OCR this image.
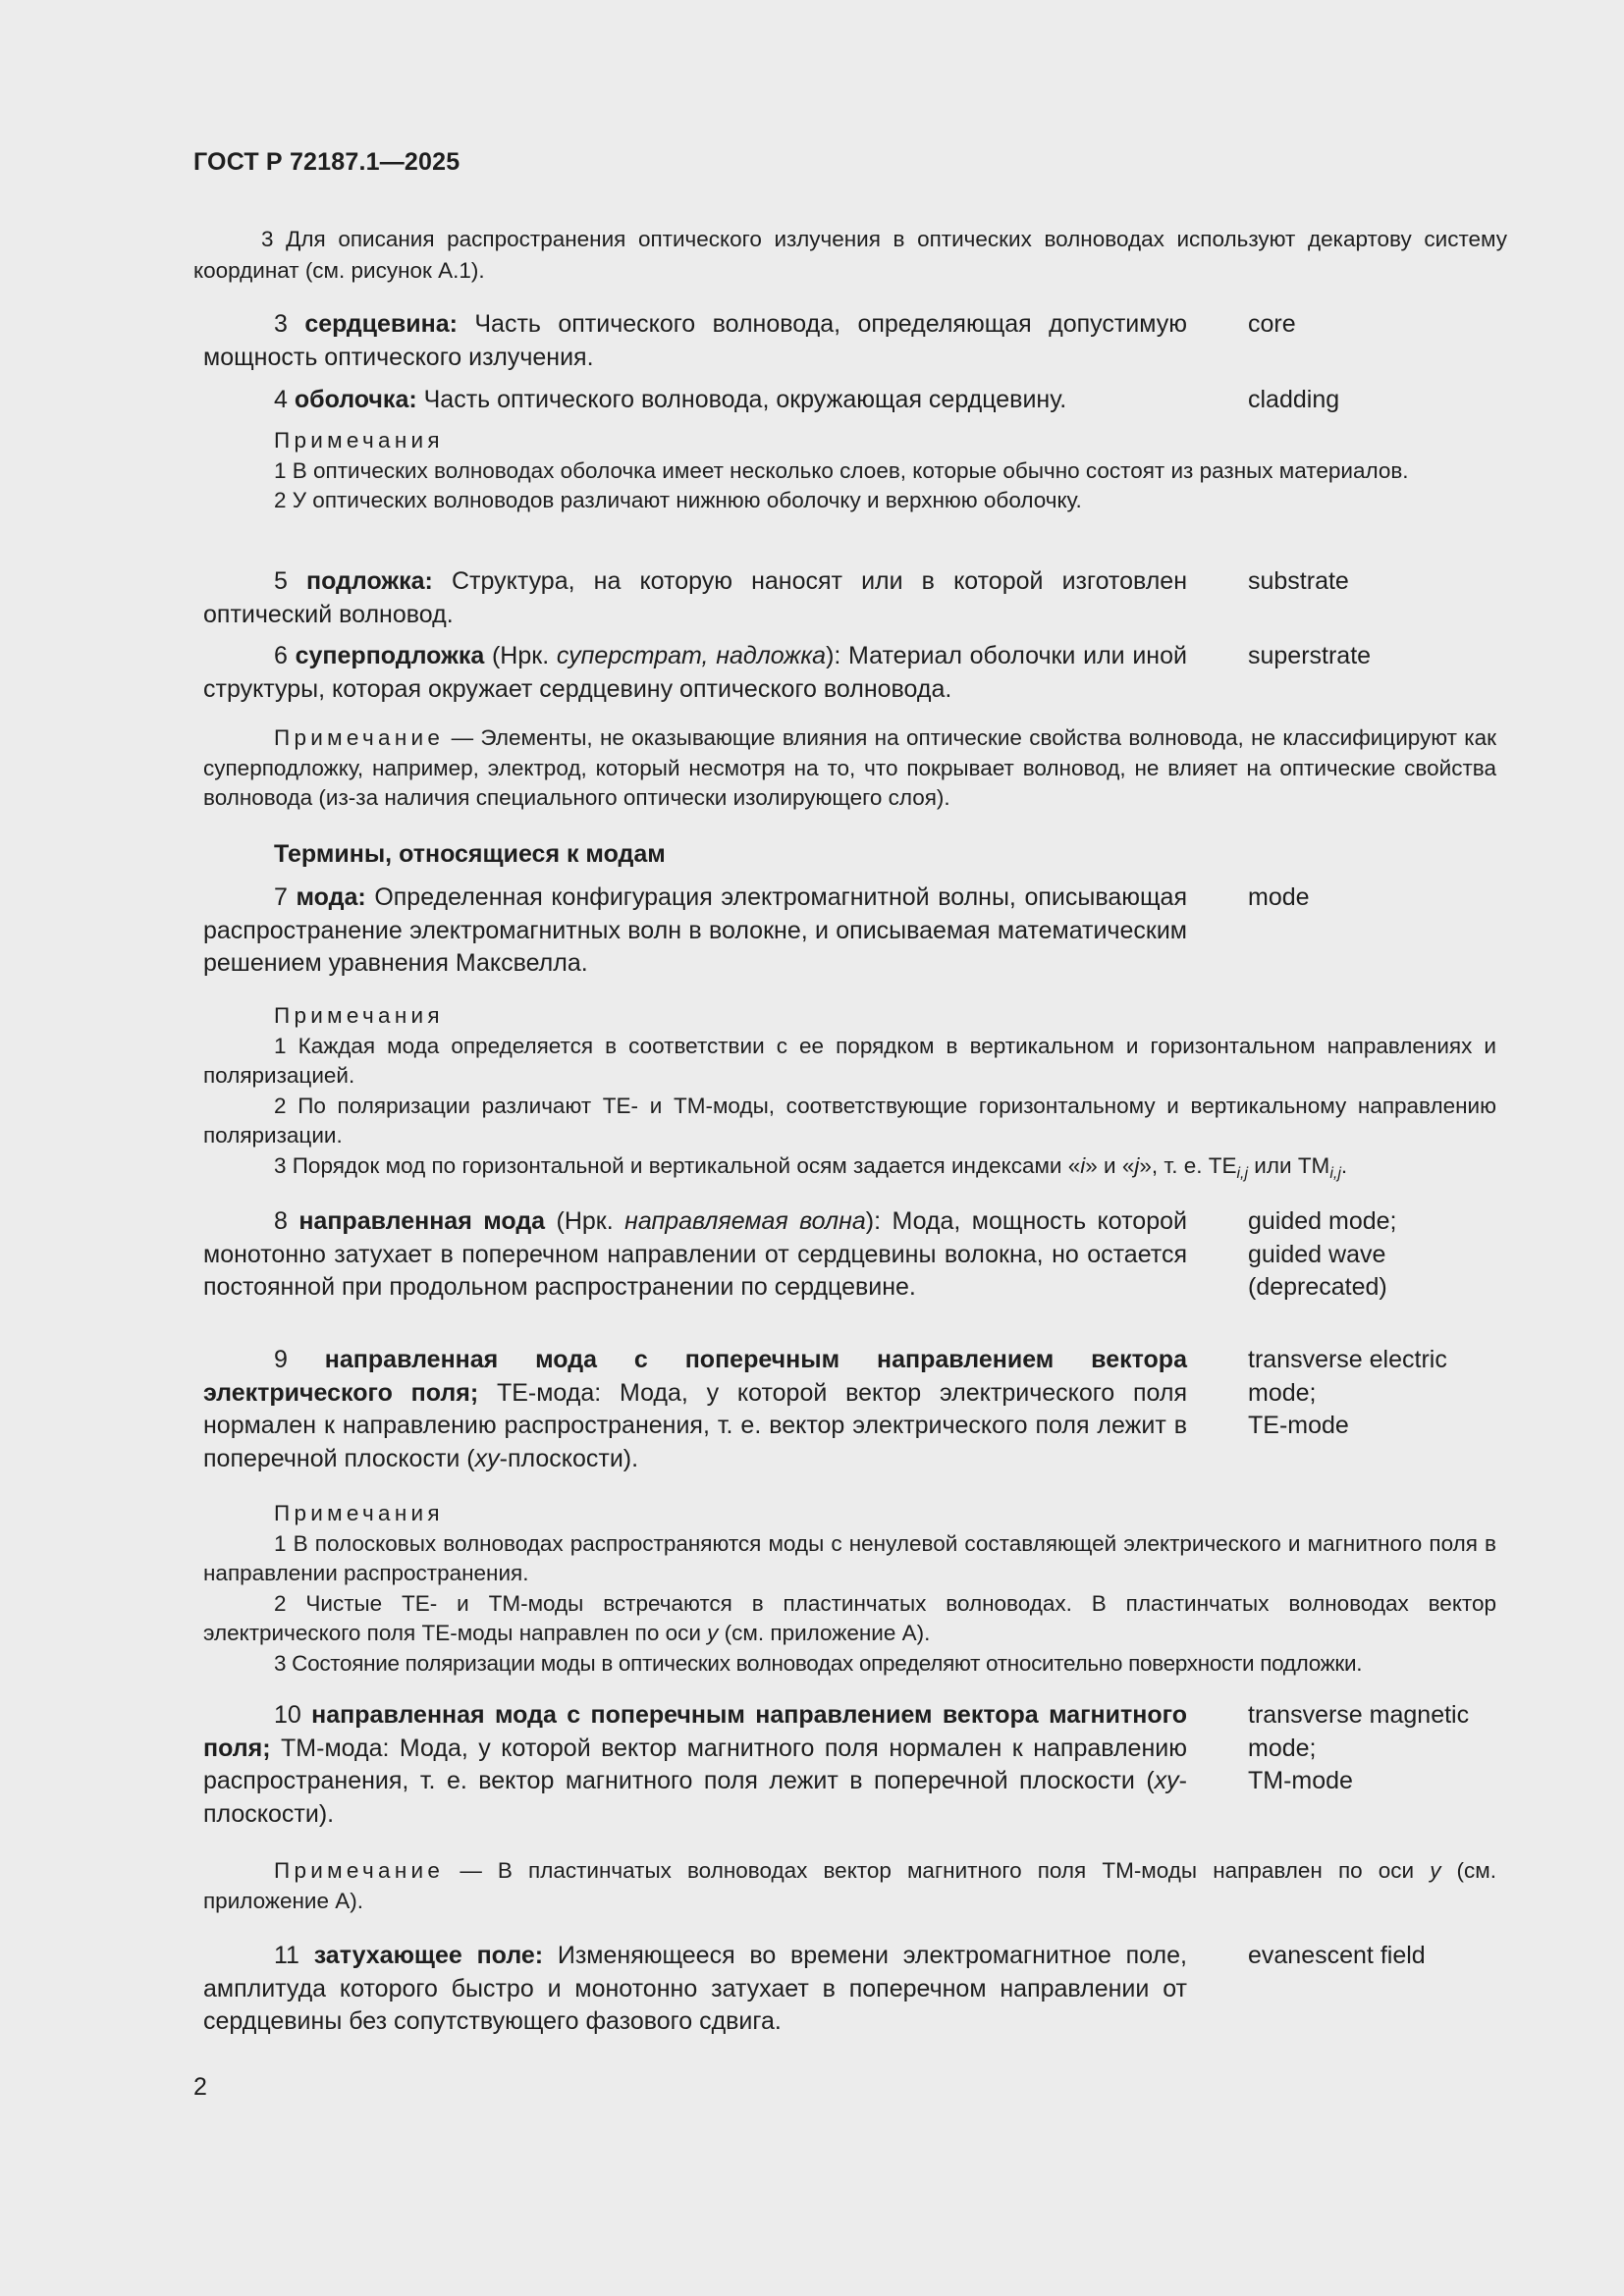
ГОСТ Р 72187.1—2025
3 Для описания распространения оптического излучения в оптических волноводах используют декартову систему координат (см. рисунок А.1).
3 сердцевина: Часть оптического волновода, определяющая допустимую мощность оптического излучения.
core
4 оболочка: Часть оптического волновода, окружающая сердцевину.	cladding

Примечания

1 В оптических волноводах оболочка имеет несколько слоев, которые обычно состоят из разных материалов.

2 У оптических волноводов различают нижнюю оболочку и верхнюю оболочку.

5 подложка: Структура, на которую наносят или в которой изготовлен оптический волновод.
substrate
6 суперподложка (Нрк. суперстрат, надложка): Материал оболочки или иной структуры, которая окружает сердцевину оптического волновода.
superstrate

Примечание — Элементы, не оказывающие влияния на оптические свойства волновода, не классифицируют как суперподложку, например, электрод, который несмотря на то, что покрывает волновод, не влияет на оптические свойства волновода (из-за наличия специального оптически изолирующего слоя).

Термины, относящиеся к модам
7 мода: Определенная конфигурация электромагнитной волны, описывающая распространение электромагнитных волн в волокне, и описываемая математическим решением уравнения Максвелла.
mode

Примечания

1 Каждая мода определяется в соответствии с ее порядком в вертикальном и горизонтальном направлениях и поляризацией.

2 По поляризации различают ТЕ- и ТМ-моды, соответствующие горизонтальному и вертикальному направлению поляризации.

3 Порядок мод по горизонтальной и вертикальной осям задается индексами «i» и «j», т. е. $ТЕ_{i,j}$ или $ТМ_{i,j}$.

8 направленная мода (Нрк. направляемая волна): Мода, мощность которой монотонно затухает в поперечном направлении от сердцевины волокна, но остается постоянной при продольном распространении по сердцевине.
guided mode;
guided wave
(deprecated)
9 направленная мода с поперечным направлением вектора электрического поля; ТЕ-мода: Мода, у которой вектор электрического поля нормален к направлению распространения, т. е. вектор электрического поля лежит в поперечной плоскости (xy-плоскости).
transverse electric
mode;
TE-mode

Примечания

1 В полосковых волноводах распространяются моды с ненулевой составляющей электрического и магнитного поля в направлении распространения.

2 Чистые ТЕ- и ТМ-моды встречаются в пластинчатых волноводах. В пластинчатых волноводах вектор электрического поля ТЕ-моды направлен по оси y (см. приложение А).

3 Состояние поляризации моды в оптических волноводах определяют относительно поверхности подложки.

10 направленная мода с поперечным направлением вектора магнитного поля; ТМ-мода: Мода, у которой вектор магнитного поля нормален к направлению распространения, т. е. вектор магнитного поля лежит в поперечной плоскости (xy-плоскости).
transverse magnetic
mode;
TM-mode

Примечание — В пластинчатых волноводах вектор магнитного поля ТМ-моды направлен по оси y (см. приложение А).

11 затухающее поле: Изменяющееся во времени электромагнитное поле, амплитуда которого быстро и монотонно затухает в поперечном направлении от сердцевины без сопутствующего фазового сдвига.
evanescent field
2
